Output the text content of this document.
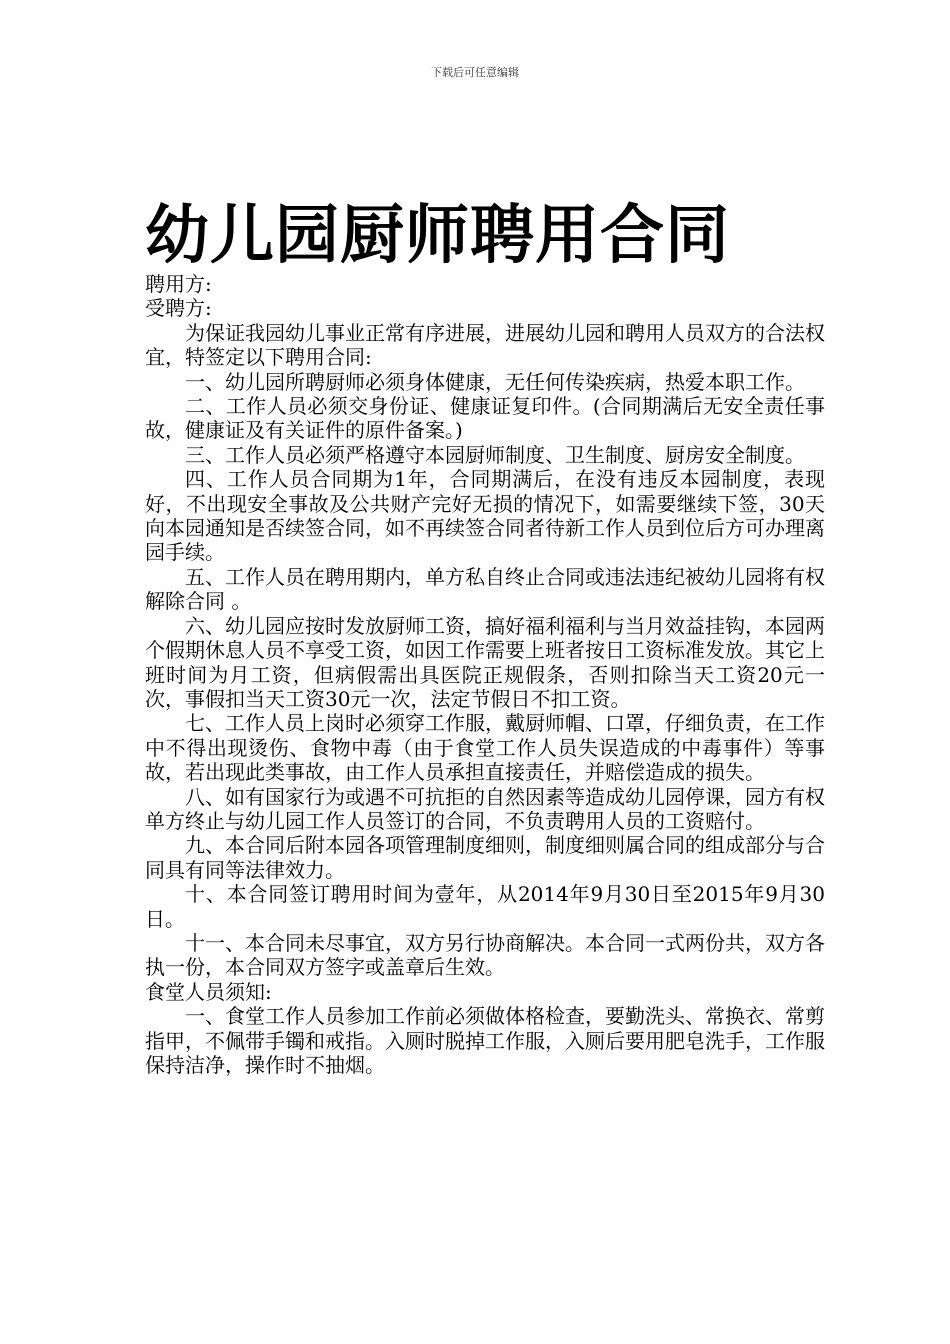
下载后可任意编辑
幼儿园厨师聘用合同

聘用方:

受聘方:

为保证我园幼儿事业正常有序进展，进展幼儿园和聘用人员双方的合法权宜，特签定以下聘用合同:

一、幼儿园所聘厨师必须身体健康，无任何传染疾病，热爱本职工作。

二、工作人员必须交身份证、健康证复印件。(合同期满后无安全责任事故，健康证及有关证件的原件备案。)

三、工作人员必须严格遵守本园厨师制度、卫生制度、厨房安全制度。

四、工作人员合同期为1年，合同期满后，在没有违反本园制度，表现好，不出现安全事故及公共财产完好无损的情况下，如需要继续下签，30天向本园通知是否续签合同，如不再续签合同者待新工作人员到位后方可办理离园手续。

五、工作人员在聘用期内，单方私自终止合同或违法违纪被幼儿园将有权解除合同 。

六、幼儿园应按时发放厨师工资，搞好福利福利与当月效益挂钩，本园两个假期休息人员不享受工资，如因工作需要上班者按日工资标准发放。其它上班时间为月工资，但病假需出具医院正规假条，否则扣除当天工资20元一次，事假扣当天工资30元一次，法定节假日不扣工资。

七、工作人员上岗时必须穿工作服，戴厨师帽、口罩，仔细负责，在工作中不得出现烫伤、食物中毒（由于食堂工作人员失误造成的中毒事件）等事故，若出现此类事故，由工作人员承担直接责任，并赔偿造成的损失。

八、如有国家行为或遇不可抗拒的自然因素等造成幼儿园停课，园方有权单方终止与幼儿园工作人员签订的合同，不负责聘用人员的工资赔付。

九、本合同后附本园各项管理制度细则，制度细则属合同的组成部分与合同具有同等法律效力。

十、本合同签订聘用时间为壹年，从2014年9月30日至2015年9月30日。

十一、本合同未尽事宜，双方另行协商解决。本合同一式两份共，双方各执一份，本合同双方签字或盖章后生效。

食堂人员须知:

一、食堂工作人员参加工作前必须做体格检查，要勤洗头、常换衣、常剪指甲，不佩带手镯和戒指。入厕时脱掉工作服，入厕后要用肥皂洗手，工作服保持洁净，操作时不抽烟。
